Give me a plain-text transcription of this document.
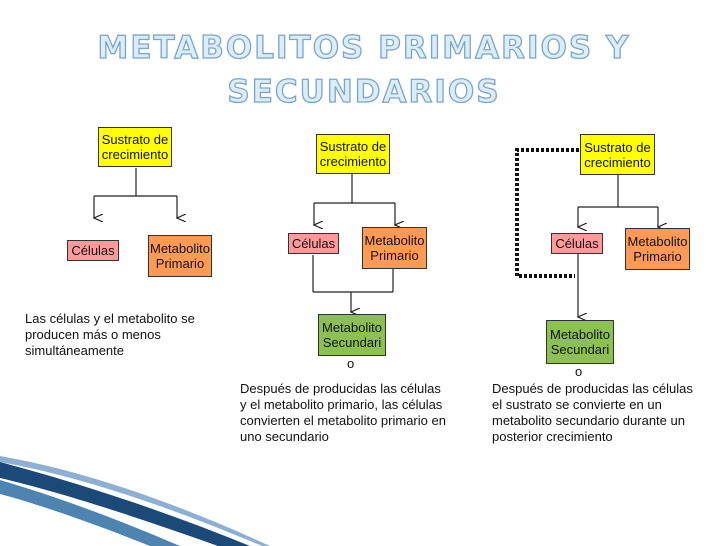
METABOLITOS PRIMARIOS Y
SECUNDARIOS
Sustrato de
crecimiento
Células	Metabolito
Primario
Las células y el metabolito se producen más o menos simultáneamente
Sustrato de
crecimiento
Células Metabolito
Primario
Metabolito
Secundari
o
Después de producidas las células y el metabolito primario, las células convierten el metabolito primario en uno secundario
Sustrato de
crecimiento
Células	Metabolito
Primario
Metabolito
Secundari
o
Después de producidas las células el sustrato se convierte en un metabolito secundario durante un posterior crecimiento
